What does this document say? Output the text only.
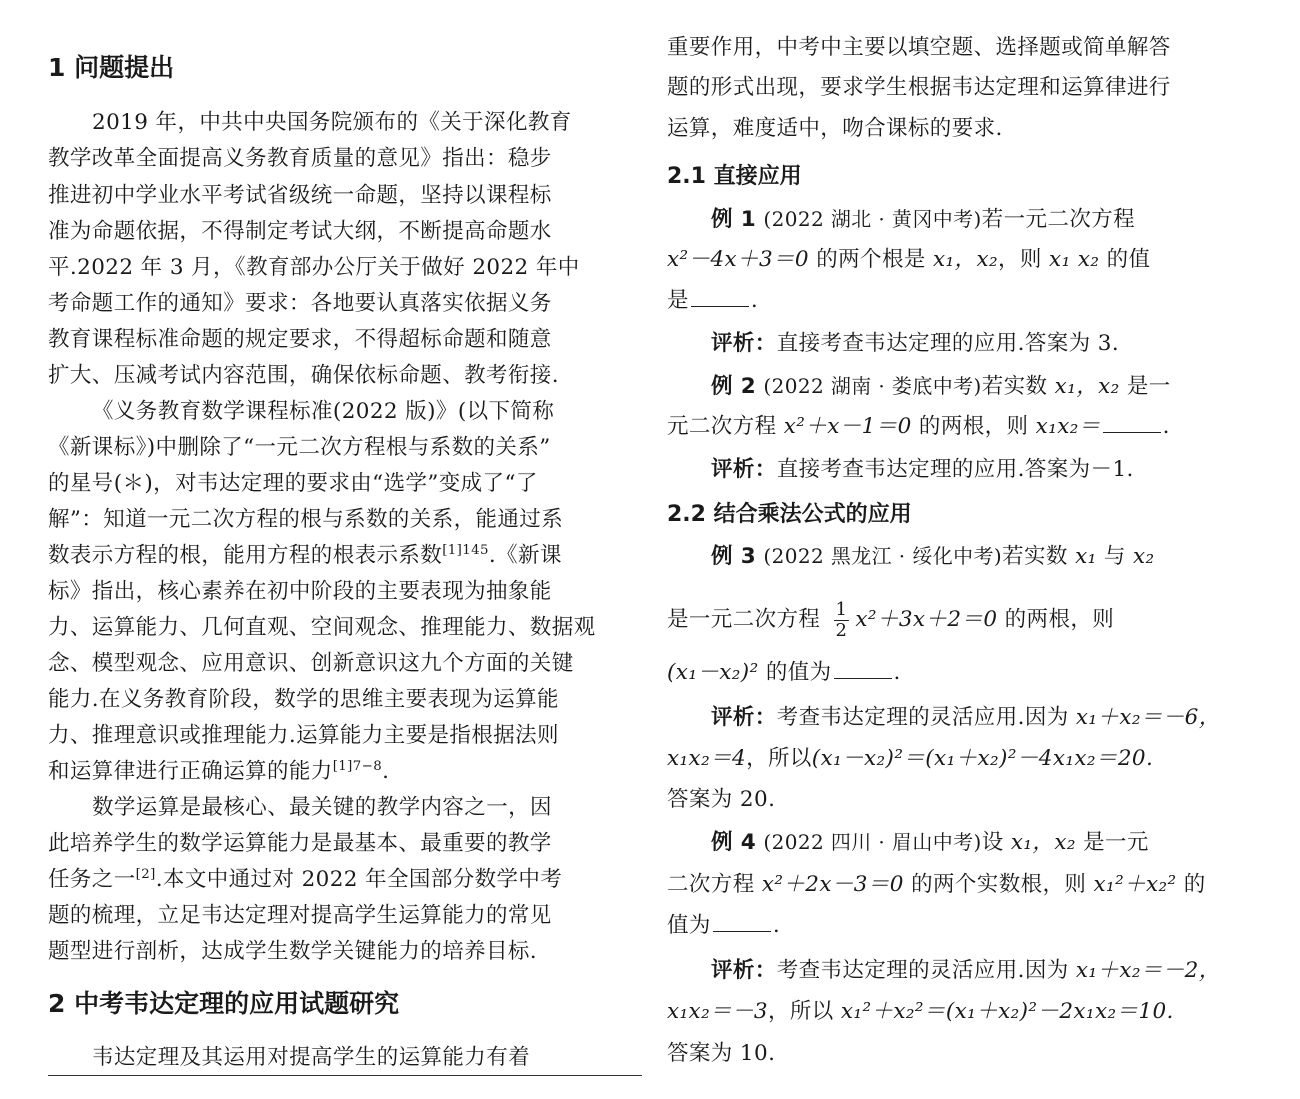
1 问题提出
2019 年，中共中央国务院颁布的《关于深化教育
教学改革全面提高义务教育质量的意见》指出：稳步
推进初中学业水平考试省级统一命题，坚持以课程标
准为命题依据，不得制定考试大纲，不断提高命题水
平.2022 年 3 月，《教育部办公厅关于做好 2022 年中
考命题工作的通知》要求：各地要认真落实依据义务
教育课程标准命题的规定要求，不得超标命题和随意
扩大、压减考试内容范围，确保依标命题、教考衔接.
《义务教育数学课程标准(2022 版)》(以下简称
《新课标》)中删除了“一元二次方程根与系数的关系”
的星号(＊)，对韦达定理的要求由“选学”变成了“了
解”：知道一元二次方程的根与系数的关系，能通过系
数表示方程的根，能用方程的根表示系数$^{[1]145}$.《新课
标》指出，核心素养在初中阶段的主要表现为抽象能
力、运算能力、几何直观、空间观念、推理能力、数据观
念、模型观念、应用意识、创新意识这九个方面的关键
能力.在义务教育阶段，数学的思维主要表现为运算能
力、推理意识或推理能力.运算能力主要是指根据法则
和运算律进行正确运算的能力$^{[1]7-8}$.
数学运算是最核心、最关键的教学内容之一，因
此培养学生的数学运算能力是最基本、最重要的教学
任务之一[2].本文中通过对 2022 年全国部分数学中考
题的梳理，立足韦达定理对提高学生运算能力的常见
题型进行剖析，达成学生数学关键能力的培养目标.
2 中考韦达定理的应用试题研究
韦达定理及其运用对提高学生的运算能力有着
重要作用，中考中主要以填空题、选择题或简单解答
题的形式出现，要求学生根据韦达定理和运算律进行
运算，难度适中，吻合课标的要求.
2.1 直接应用
例 1 (2022 湖北 · 黄冈中考)若一元二次方程
x²－4x＋3＝0 的两个根是 x₁，x₂，则 x₁ x₂ 的值
是	.
评析：直接考查韦达定理的应用.答案为 3.
例 2 (2022 湖南 · 娄底中考)若实数 x₁，x₂ 是一
元二次方程 x²＋x－1＝0 的两根，则 x₁x₂＝	.
评析：直接考查韦达定理的应用.答案为－1.
2.2 结合乘法公式的应用
例 3 (2022 黑龙江 · 绥化中考)若实数 x₁ 与 x₂
是一元二次方程 $\frac{1}{2} x^2+3x+2=0$ 的两根，则
(x₁－x₂)² 的值为	.
评析：考查韦达定理的灵活应用.因为 x₁＋x₂＝－6，
x₁x₂＝4，所以(x₁－x₂)²＝(x₁＋x₂)²－4x₁x₂＝20.
答案为 20.
例 4 (2022 四川 · 眉山中考)设 x₁，x₂ 是一元
二次方程 x²＋2x－3＝0 的两个实数根，则 x₁²＋x₂² 的
值为	.
评析：考查韦达定理的灵活应用.因为 x₁＋x₂＝－2，
x₁x₂＝－3，所以 x₁²＋x₂²＝(x₁＋x₂)²－2x₁x₂＝10.
答案为 10.
